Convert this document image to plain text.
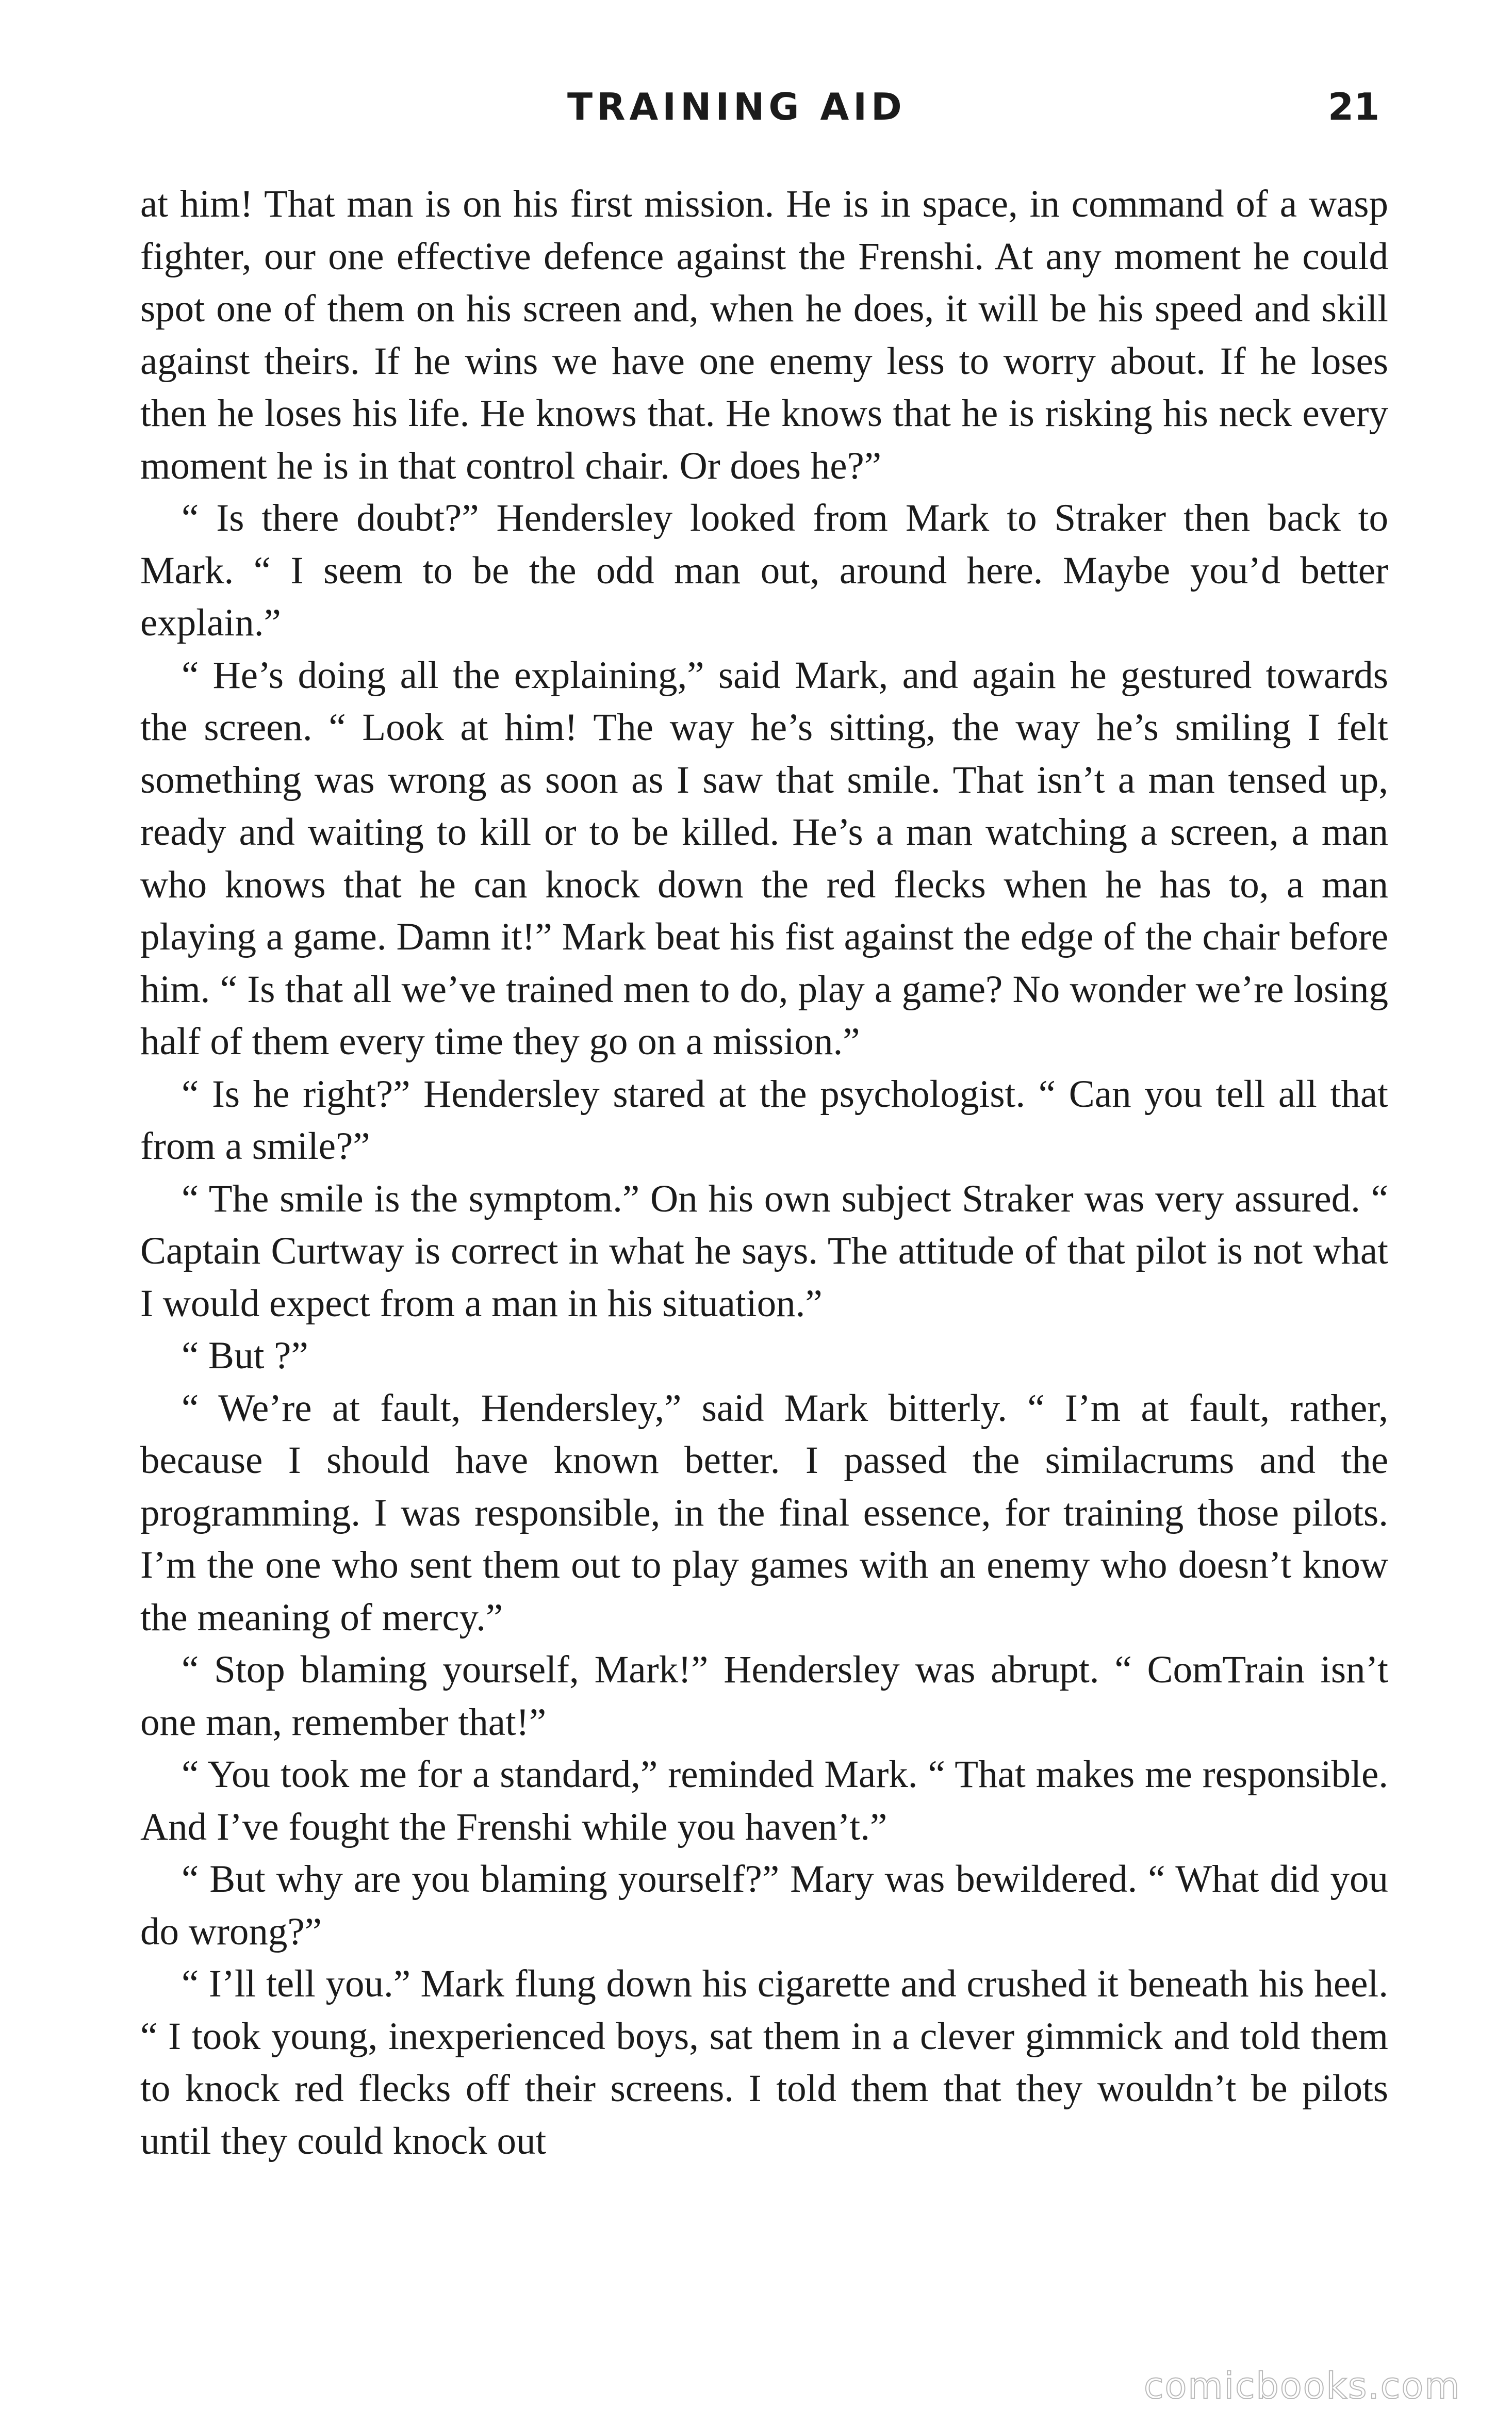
TRAINING AID	21

at him! That man is on his first mission. He is in space, in command of a wasp fighter, our one effective defence against the Frenshi. At any moment he could spot one of them on his screen and, when he does, it will be his speed and skill against theirs. If he wins we have one enemy less to worry about. If he loses then he loses his life. He knows that. He knows that he is risking his neck every moment he is in that control chair. Or does he?”

“ Is there doubt?” Hendersley looked from Mark to Straker then back to Mark. “ I seem to be the odd man out, around here. Maybe you’d better explain.”

“ He’s doing all the explaining,” said Mark, and again he gestured towards the screen. “ Look at him! The way he’s sitting, the way he’s smiling I felt something was wrong as soon as I saw that smile. That isn’t a man tensed up, ready and waiting to kill or to be killed. He’s a man watching a screen, a man who knows that he can knock down the red flecks when he has to, a man playing a game. Damn it!” Mark beat his fist against the edge of the chair before him. “ Is that all we’ve trained men to do, play a game? No wonder we’re losing half of them every time they go on a mission.”

“ Is he right?” Hendersley stared at the psychologist. “ Can you tell all that from a smile?”

“ The smile is the symptom.” On his own subject Straker was very assured. “ Captain Curtway is correct in what he says. The attitude of that pilot is not what I would expect from a man in his situation.”

“ But ?”

“ We’re at fault, Hendersley,” said Mark bitterly. “ I’m at fault, rather, because I should have known better. I passed the similacrums and the programming. I was responsible, in the final essence, for training those pilots. I’m the one who sent them out to play games with an enemy who doesn’t know the meaning of mercy.”

“ Stop blaming yourself, Mark!” Hendersley was abrupt. “ ComTrain isn’t one man, remember that!”

“ You took me for a standard,” reminded Mark. “ That makes me responsible. And I’ve fought the Frenshi while you haven’t.”

“ But why are you blaming yourself?” Mary was bewildered. “ What did you do wrong?”

“ I’ll tell you.” Mark flung down his cigarette and crushed it beneath his heel. “ I took young, inexperienced boys, sat them in a clever gimmick and told them to knock red flecks off their screens. I told them that they wouldn’t be pilots until they could knock out

comicbooks.com
